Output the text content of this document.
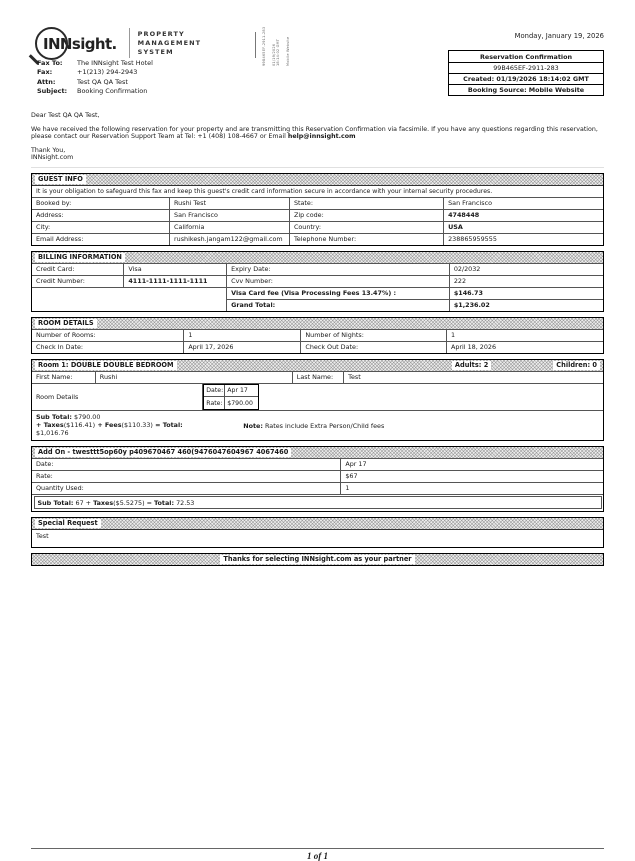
INNsight.
PROPERTY
MANAGEMENT
SYSTEM	99B465EF-2911-283 01/19/2026 18:14:02 GMT Mobile Website
Monday, January 19, 2026
Reservation Confirmation
99B465EF-2911-283
Created: 01/19/2026 18:14:02 GMT
Booking Source:
Mobile Website
Fax To:	The INNsight Test Hotel
Fax:	+1(213) 294-2943
Attn:	Test QA QA Test
Subject:	Booking Confirmation
Dear Test QA QA Test,
We have received the following reservation for your property and are transmitting this Reservation Confirmation via facsimile. If you have any questions regarding this reservation, please contact our Reservation Support Team at Tel: +1 (408) 108-4667 or Email help@innsight.com
Thank You,
INNsight.com
GUEST INFO
It is your obligation to safeguard this fax and keep this guest's credit card information secure in accordance with your internal security procedures.
Booked by:	Rushi Test	State:	San Francisco
Address:	San Francisco	Zip code:	4748448
City:	California	Country:	USA
Email Address:	rushikesh.jangam122@gmail.com	Telephone Number:	238865959555
BILLING INFORMATION
Credit Card:	Visa	Expiry Date:	02/2032
Credit Number:	4111-1111-1111-1111	Cvv Number:	222
Visa Card fee (Visa Processing Fees 13.47%) :	$146.73
Grand Total:	$1,236.02
ROOM DETAILS
Number of Rooms:	1	Number of Nights:	1
Check In Date:	April 17, 2026	Check Out Date:	April 18, 2026
Room 1: DOUBLE DOUBLE BEDROOM	Adults: 2	Children: 0
First Name:	Rushi	Last Name:	Test
Room Details
Date: Apr 17
Rate: $790.00
Sub Total: $790.00
+ Taxes($116.41) + Fees($110.33) = Total:
$1,016.76
Note: Rates include Extra Person/Child fees
Add On - twesttt5op60y p409670467 460(9476047604967 4067460
Date:	Apr 17
Rate:	$67
Quantity Used:	1
Sub Total: 67 + Taxes($5.5275) = Total: 72.53
Special Request
Test
Thanks for selecting INNsight.com as your partner
1 of 1
